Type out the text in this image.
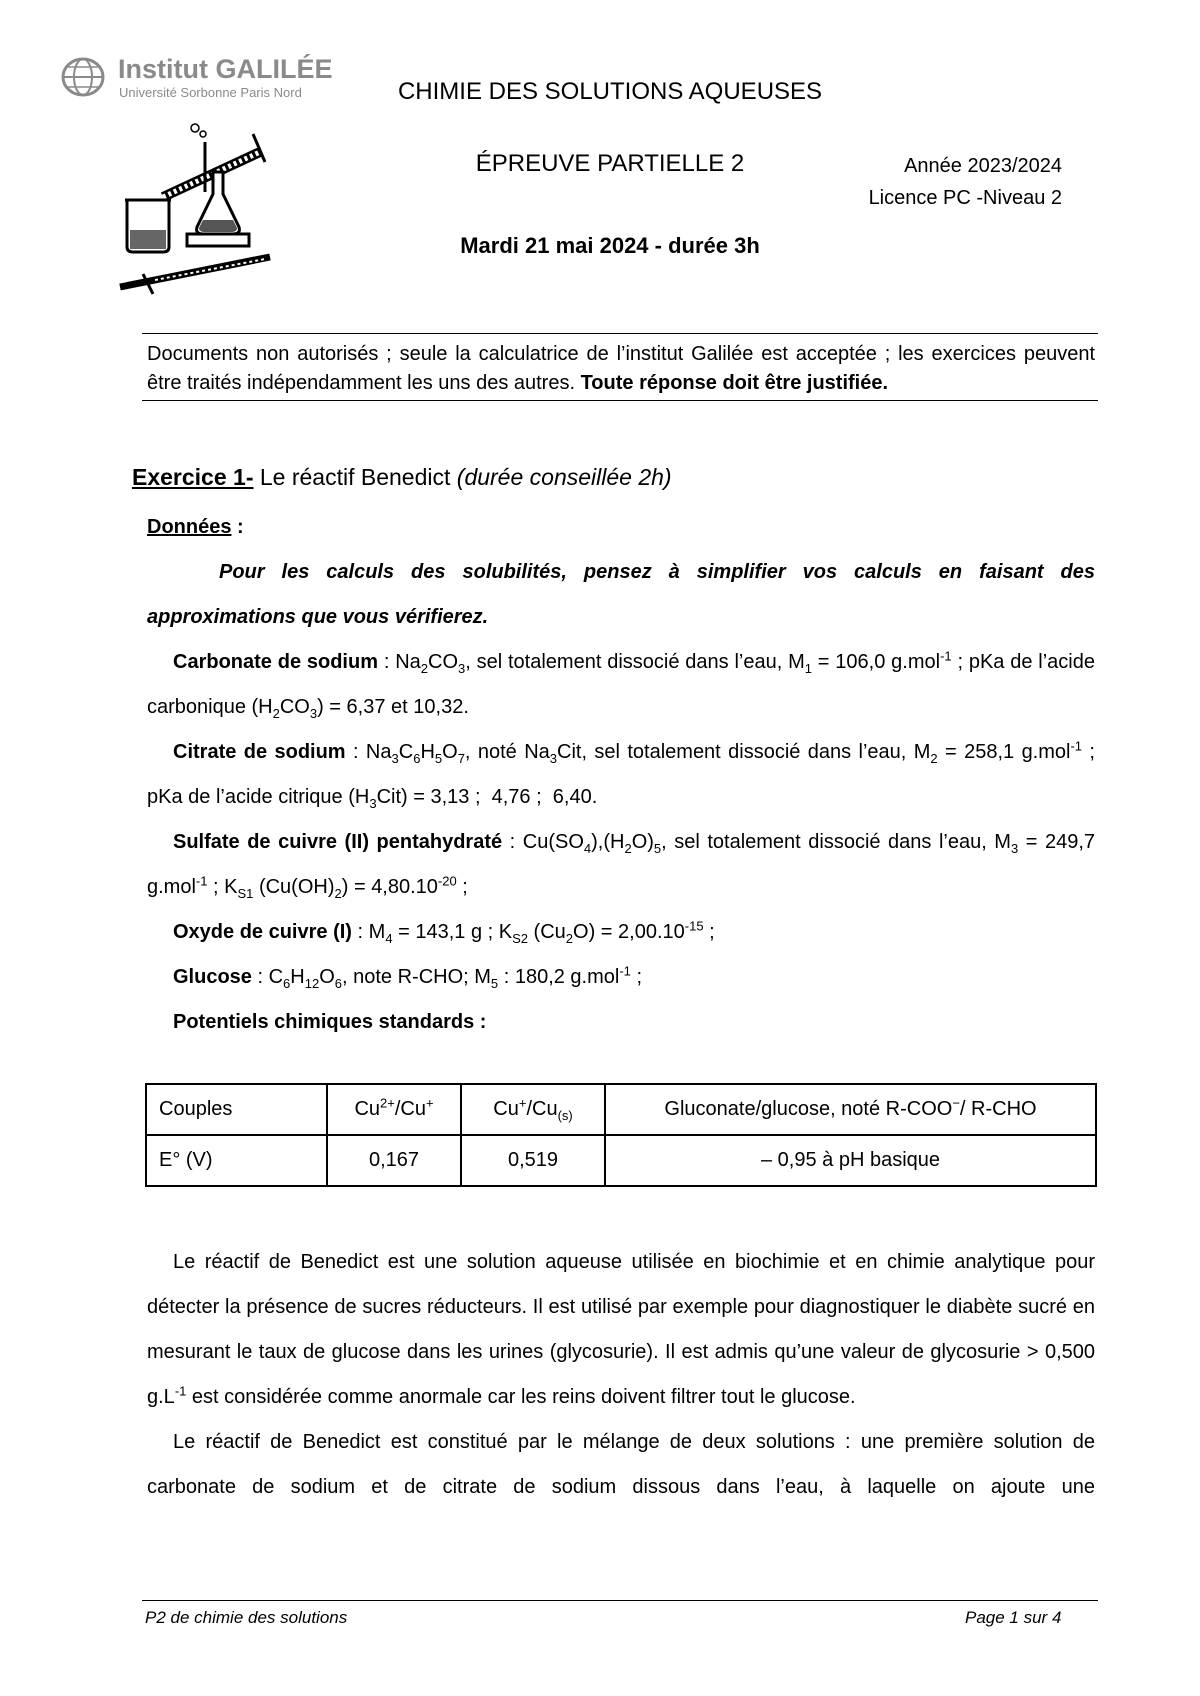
Institut GALILÉE
Université Sorbonne Paris Nord	CHIMIE DES SOLUTIONS AQUEUSES
ÉPREUVE PARTIELLE 2
Mardi 21 mai 2024 - durée 3h
Année 2023/2024
Licence PC -Niveau 2
Documents non autorisés ; seule la calculatrice de l’institut Galilée est acceptée ; les exercices peuvent être traités indépendamment les uns des autres. Toute réponse doit être justifiée.
Exercice 1- Le réactif Benedict (durée conseillée 2h)

Données :

Pour les calculs des solubilités, pensez à simplifier vos calculs en faisant des approximations que vous vérifierez.

Carbonate de sodium : $Na_2CO_3$, sel totalement dissocié dans l’eau, $M_1 = 106,0$ g.mol$^{-1}$ ; pKa de l’acide carbonique $(H_2CO_3) = 6,37$ et 10,32.

Citrate de sodium : $Na_3C_6H_5O_7$, noté $Na_3Cit$, sel totalement dissocié dans l’eau, $M_2 = 258,1$ g.mol$^{-1}$ ; pKa de l’acide citrique $(H_3Cit) = 3,13$ ;  4,76 ;  6,40.

Sulfate de cuivre (II) pentahydraté : $Cu(SO_4),(H_2O)_5$, sel totalement dissocié dans l’eau, $M_3 = 249,7$ g.mol$^{-1}$ ; $K_{S1}$ $(Cu(OH)_2) = 4,80.10^{-20}$ ;

Oxyde de cuivre (I) : $M_4 = 143,1$ g ; $K_{S2}$ $(Cu_2O) = 2,00.10^{-15}$ ;

Glucose : $C_6H_{12}O_6$, note R-CHO; $M_5$ : 180,2 g.mol$^{-1}$ ;

Potentiels chimiques standards :

Couples	$Cu^{2+}/Cu^+$	$Cu^+/Cu_{(s)}$	Gluconate/glucose, noté R-COO−/ R-CHO
E° (V)	0,167	0,519	– 0,95 à pH basique

Le réactif de Benedict est une solution aqueuse utilisée en biochimie et en chimie analytique pour détecter la présence de sucres réducteurs. Il est utilisé par exemple pour diagnostiquer le diabète sucré en mesurant le taux de glucose dans les urines (glycosurie). Il est admis qu’une valeur de glycosurie > 0,500 $g.L^{-1}$ est considérée comme anormale car les reins doivent filtrer tout le glucose.

Le réactif de Benedict est constitué par le mélange de deux solutions : une première solution de carbonate de sodium et de citrate de sodium dissous dans l’eau, à laquelle on ajoute une

P2 de chimie des solutions	Page 1 sur 4
